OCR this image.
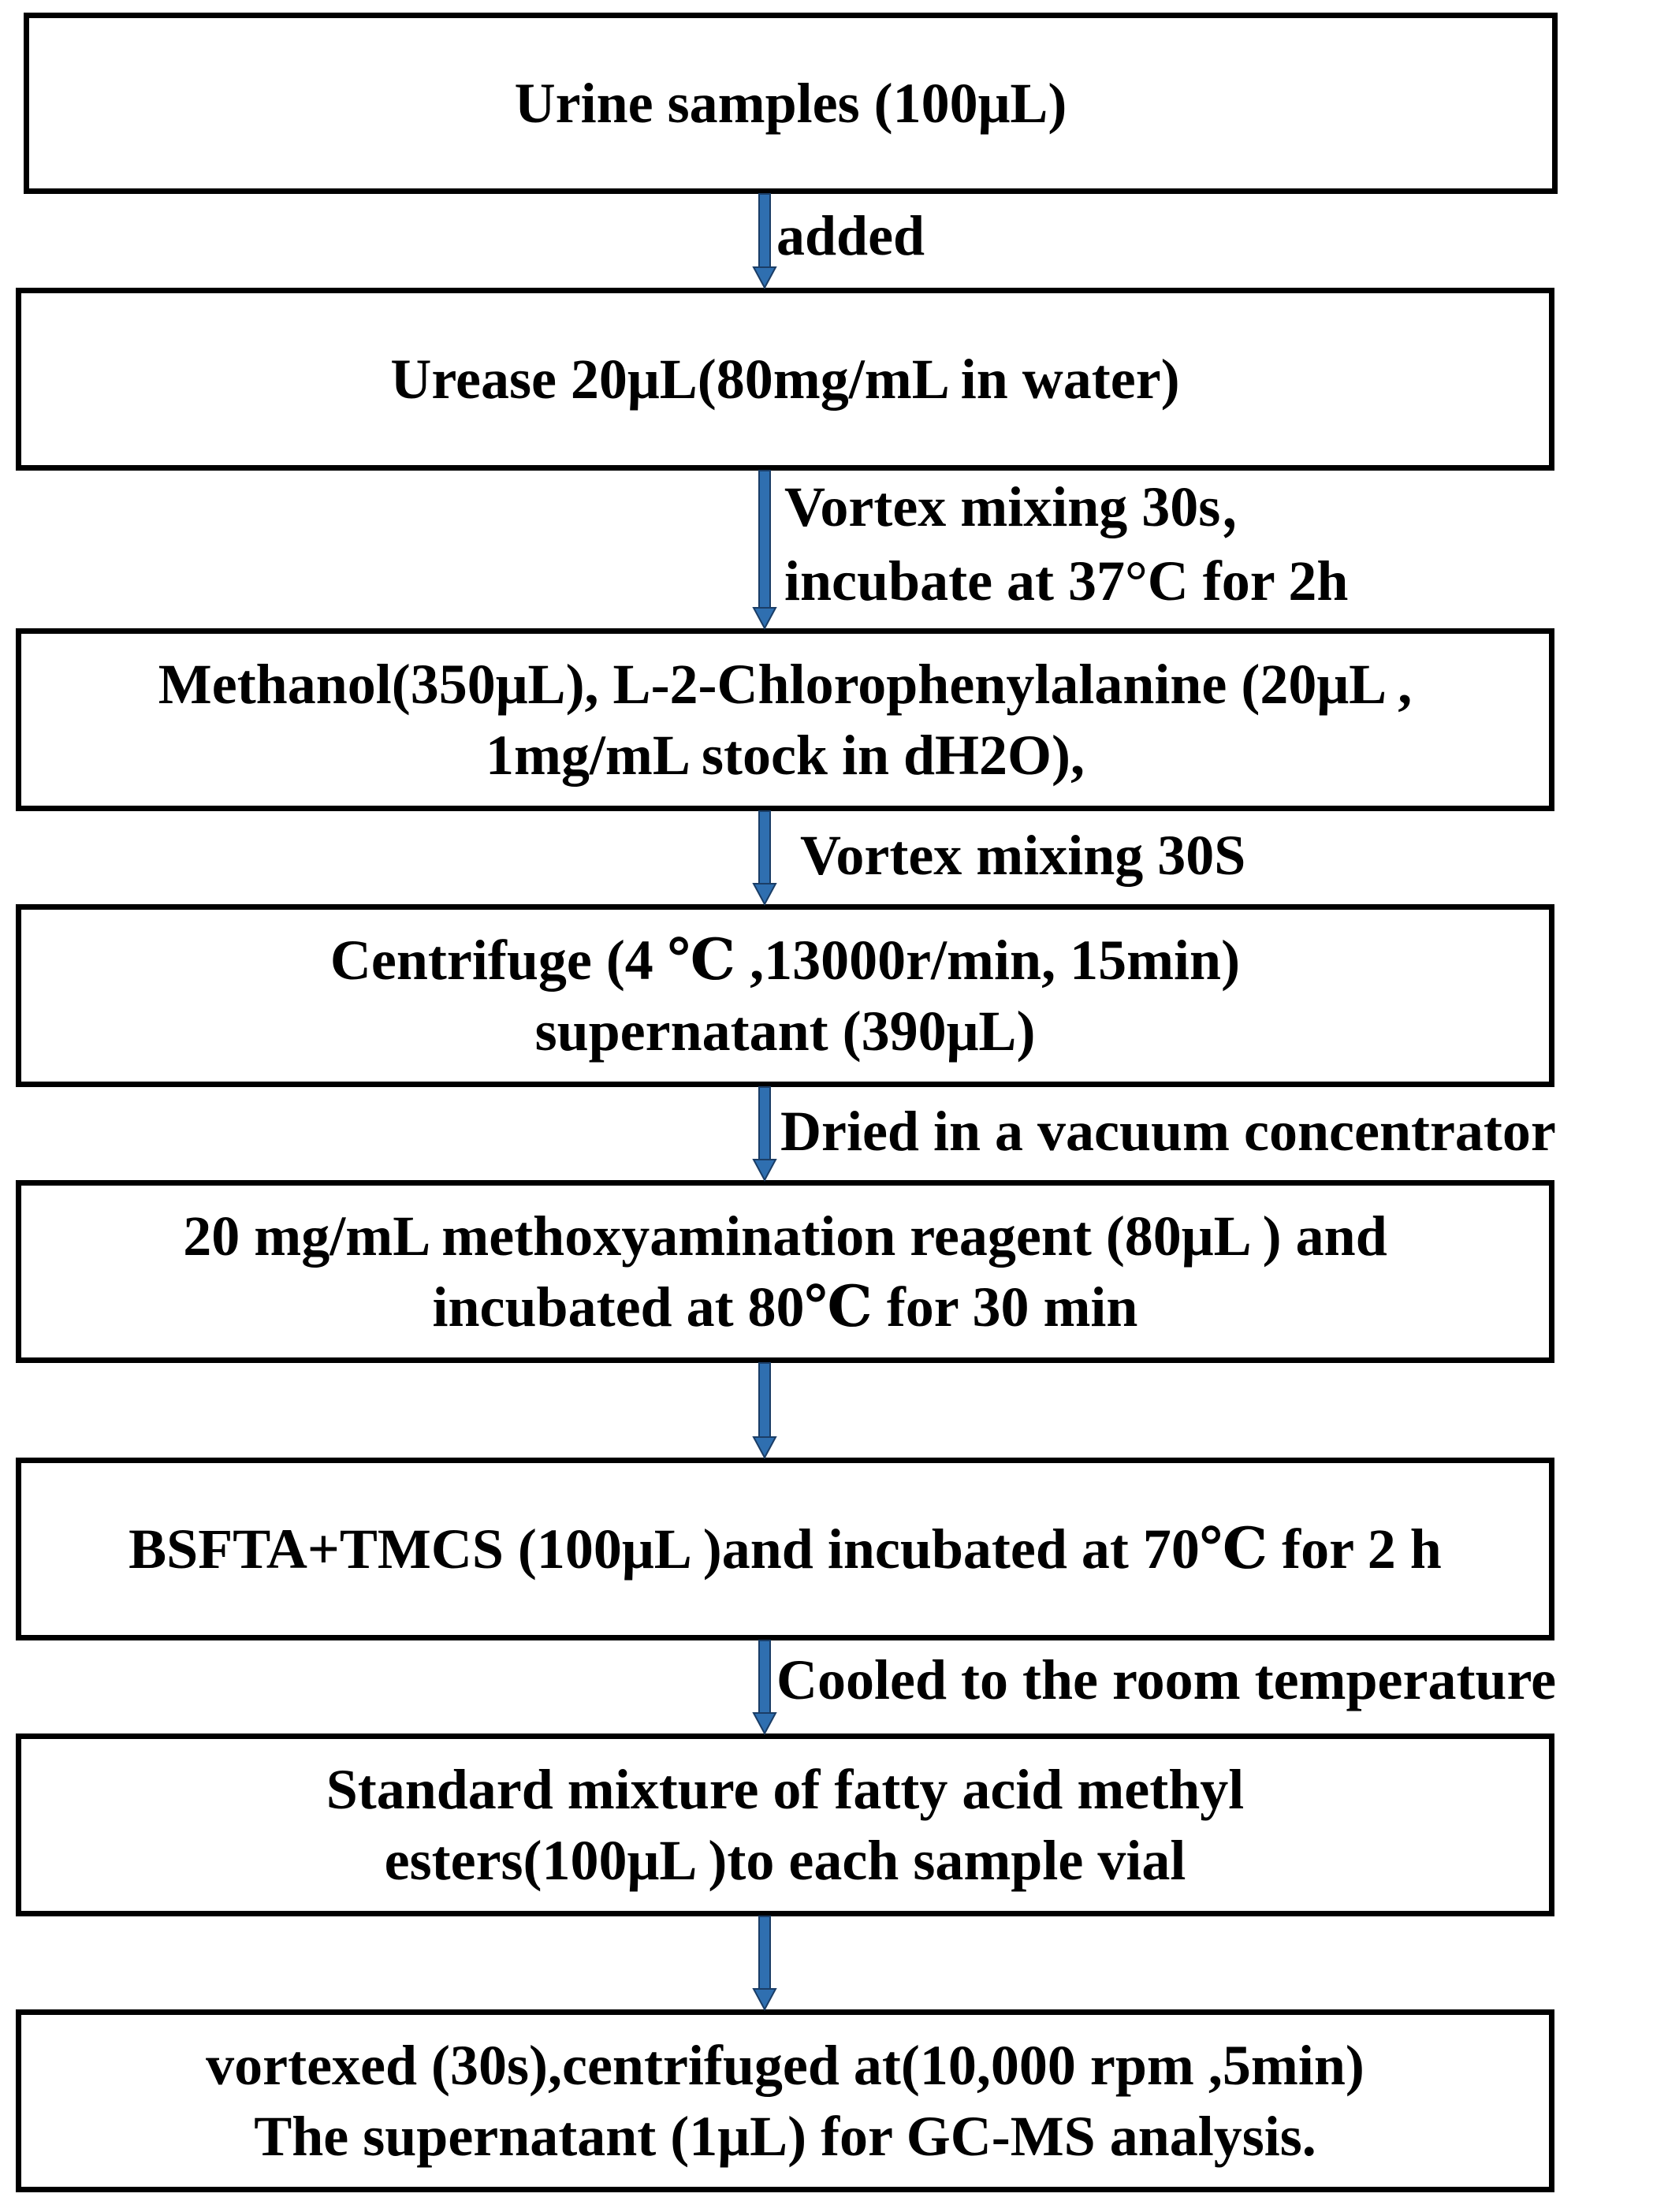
Urine samples (100μL)
Urease 20μL(80mg/mL in water)
Methanol(350μL), L-2-Chlorophenylalanine (20μL ,
1mg/mL stock in dH2O),
Centrifuge (4 ℃ ,13000r/min, 15min)
supernatant (390μL)
20 mg/mL methoxyamination reagent (80μL ) and
incubated at 80℃ for 30 min
BSFTA+TMCS (100μL )and incubated at 70℃ for 2 h
Standard mixture of fatty acid methyl
esters(100μL )to each sample vial
vortexed (30s),centrifuged at(10,000 rpm ,5min)
The supernatant (1μL) for GC-MS analysis.
added
Vortex mixing 30s，
incubate at 37°C for 2h
Vortex mixing 30S
Dried in a vacuum concentrator
Cooled to the room temperature
